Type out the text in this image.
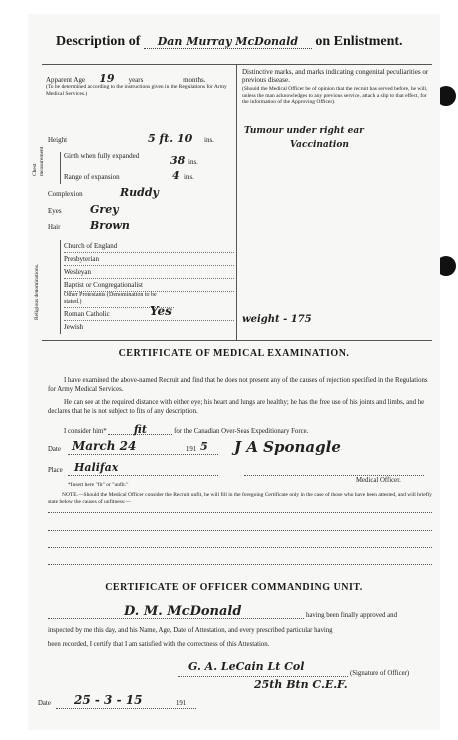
Description of Dan Murray McDonald on Enlistment.
Apparent Age 19 years	months.
(To be determined according to the instructions given in the Regulations for Army Medical Services.)
Height	5 ft. 10 ins.
Chest measurement	Girth when fully expanded	38 ins.
Range of expansion	4 ins.
Complexion	Ruddy
Eyes	Grey
Hair	Brown
Religious denominations.
Church of England
Presbyterian
Wesleyan
Baptist or Congregationalist
Other Protestants (Denomination to be stated.)
Roman Catholic
Jewish
Yes
Distinctive marks, and marks indicating congenital peculiarities or previous disease.
(Should the Medical Officer be of opinion that the recruit has served before, he will, unless the man acknowledges to any previous service, attach a slip to that effect, for the information of the Approving Officer).
Tumour under right ear
Vaccination
weight - 175
CERTIFICATE OF MEDICAL EXAMINATION.
I have examined the above-named Recruit and find that he does not present any of the causes of rejection specified in the Regulations for Army Medical Services.
He can see at the required distance with either eye; his heart and lungs are healthy; he has the free use of his joints and limbs, and he declares that he is not subject to fits of any description.
I consider him* fit	for the Canadian Over-Seas Expeditionary Force.
Date March 24	191 5 J A Sponagle
Place Halifax
Medical Officer.
*Insert here "fit" or "unfit."
NOTE.—Should the Medical Officer consider the Recruit unfit, he will fill in the foregoing Certificate only in the case of those who have been attested, and will briefly state below the causes of unfitness:—
CERTIFICATE OF OFFICER COMMANDING UNIT.
D. M. McDonald	having been finally approved and
inspected by me this day, and his Name, Age, Date of Attestation, and every prescribed particular having
been recorded, I certify that I am satisfied with the correctness of this Attestation.
G. A. LeCain Lt Col
(Signature of Officer)
25th Btn C.E.F.
Date 25 - 3 - 15	191
